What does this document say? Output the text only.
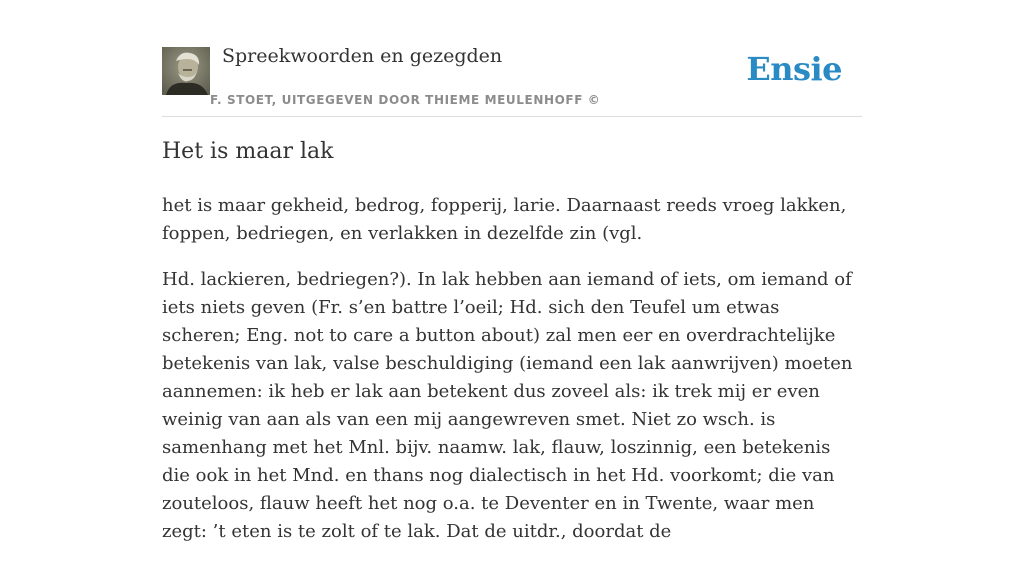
Spreekwoorden en gezegden
F. STOET, UITGEGEVEN DOOR THIEME MEULENHOFF ©
Ensie
Het is maar lak

het is maar gekheid, bedrog, fopperij, larie. Daarnaast reeds vroeg lakken, foppen, bedriegen, en verlakken in dezelfde zin (vgl.

Hd. lackieren, bedriegen?). In lak hebben aan iemand of iets, om iemand of iets niets geven (Fr. s’en battre l’oeil; Hd. sich den Teufel um etwas scheren; Eng. not to care a button about) zal men eer en overdrachtelijke betekenis van lak, valse beschuldiging (iemand een lak aanwrijven) moeten aannemen: ik heb er lak aan betekent dus zoveel als: ik trek mij er even weinig van aan als van een mij aangewreven smet. Niet zo wsch. is samenhang met het Mnl. bijv. naamw. lak, flauw, loszinnig, een betekenis die ook in het Mnd. en thans nog dialectisch in het Hd. voorkomt; die van zouteloos, flauw heeft het nog o.a. te Deventer en in Twente, waar men zegt: ’t eten is te zolt of te lak. Dat de uitdr., doordat de
